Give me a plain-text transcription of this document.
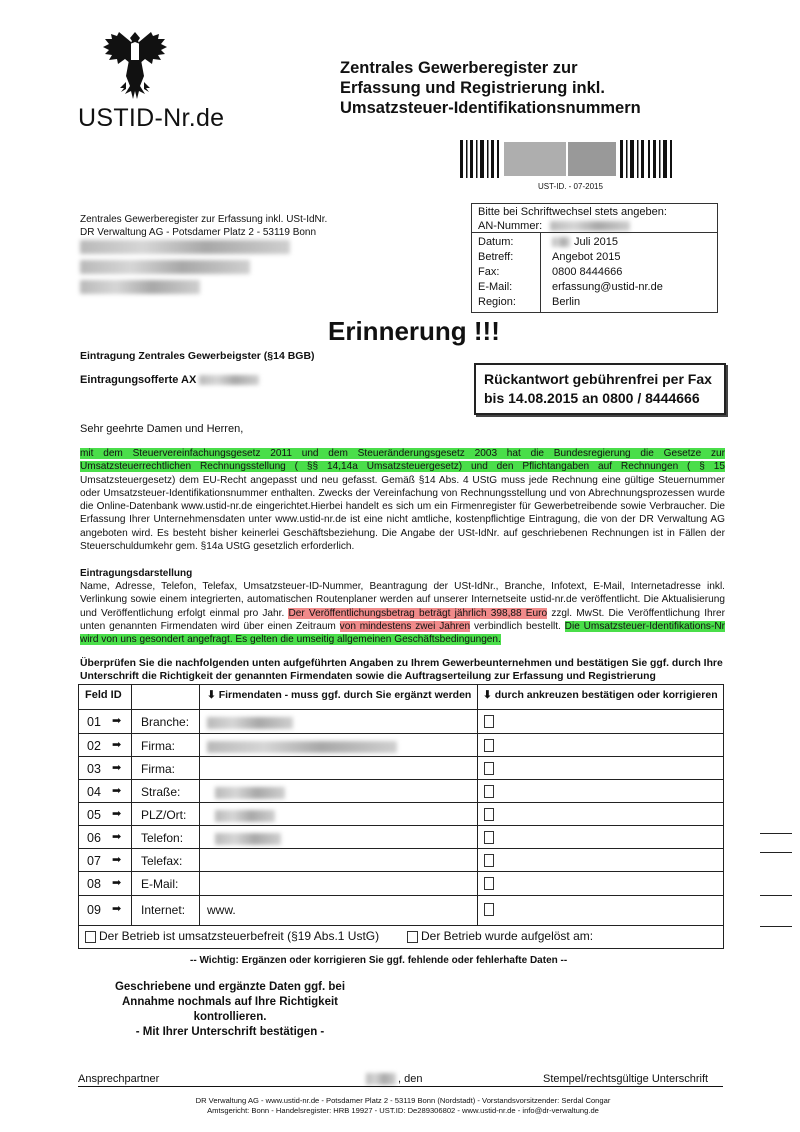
USTID-Nr.de
Zentrales Gewerberegister zur
Erfassung und Registrierung inkl.
Umsatzsteuer-Identifikationsnummern
UST-ID. - 07-2015
Zentrales Gewerberegister zur Erfassung inkl. USt-IdNr.
DR Verwaltung AG - Potsdamer Platz 2 - 53119 Bonn
Bitte bei Schriftwechsel stets angeben:
AN-Nummer:
Datum:	Juli 2015
Betreff:	Angebot 2015
Fax:	0800 8444666
E-Mail:	erfassung@ustid-nr.de
Region:	Berlin
Erinnerung !!!
Eintragung Zentrales Gewerbeigster (§14 BGB)
Eintragungsofferte AX	Rückantwort gebührenfrei per Fax
bis 14.08.2015 an 0800 / 8444666
Sehr geehrte Damen und Herren,
mit dem Steuervereinfachungsgesetz 2011 und dem Steueränderungsgesetz 2003 hat die Bundesregierung die Gesetze zur Umsatzsteuerrechtlichen Rechnungsstellung ( §§ 14,14a Umsatzsteuergesetz) und den Pflichtangaben auf Rechnungen ( § 15 Umsatzsteuergesetz) dem EU-Recht angepasst und neu gefasst. Gemäß §14 Abs. 4 UStG muss jede Rechnung eine gültige Steuernummer oder Umsatzsteuer-Identifikationsnummer enthalten. Zwecks der Vereinfachung von Rechnungsstellung und von Abrechnungsprozessen wurde die Online-Datenbank www.ustid-nr.de eingerichtet.Hierbei handelt es sich um ein Firmenregister für Gewerbetreibende sowie Verbraucher. Die Erfassung Ihrer Unternehmensdaten unter www.ustid-nr.de ist eine nicht amtliche, kostenpflichtige Eintragung, die von der DR Verwaltung AG angeboten wird. Es besteht bisher keinerlei Geschäftsbeziehung. Die Angabe der USt-IdNr. auf geschriebenen Rechnungen ist in Fällen der Steuerschuldumkehr gem. §14a UStG gesetzlich erforderlich.
Eintragungsdarstellung
Name, Adresse, Telefon, Telefax, Umsatzsteuer-ID-Nummer, Beantragung der USt-IdNr., Branche, Infotext, E-Mail, Internetadresse inkl. Verlinkung sowie einem integrierten, automatischen Routenplaner werden auf unserer Internetseite ustid-nr.de veröffentlicht. Die Aktualisierung und Veröffentlichung erfolgt einmal pro Jahr. Der Veröffentlichungsbetrag beträgt jährlich 398,88 Euro zzgl. MwSt. Die Veröffentlichung Ihrer unten genannten Firmendaten wird über einen Zeitraum von mindestens zwei Jahren verbindlich bestellt. Die Umsatzsteuer-Identifikations-Nr wird von uns gesondert angefragt. Es gelten die umseitig allgemeinen Geschäftsbedingungen.
Überprüfen Sie die nachfolgenden unten aufgeführten Angaben zu Ihrem Gewerbeunternehmen und bestätigen Sie ggf. durch Ihre Unterschrift die Richtigkeit der genannten Firmendaten sowie die Auftragserteilung zur Erfassung und Registrierung
Feld ID	⬇ Firmendaten - muss ggf. durch Sie ergänzt werden ⬇ durch ankreuzen bestätigen oder korrigieren
01 ➡ Branche:
02 ➡ Firma:
03 ➡ Firma:
04 ➡ Straße:
05 ➡ PLZ/Ort:
06 ➡ Telefon:
07 ➡ Telefax:
08 ➡ E-Mail:
09 ➡ Internet: www.
Der Betrieb ist umsatzsteuerbefreit (§19 Abs.1 UstG)	Der Betrieb wurde aufgelöst am:
-- Wichtig: Ergänzen oder korrigieren Sie ggf. fehlende oder fehlerhafte Daten --
Geschriebene und ergänzte Daten ggf. bei
Annahme nochmals auf Ihre Richtigkeit
kontrollieren.
- Mit Ihrer Unterschrift bestätigen -
Ansprechpartner	, den	Stempel/rechtsgültige Unterschrift
DR Verwaltung AG - www.ustid-nr.de - Potsdamer Platz 2 - 53119 Bonn (Nordstadt) - Vorstandsvorsitzender: Serdal Congar
Amtsgericht: Bonn - Handelsregister: HRB 19927 - UST.ID: De289306802 - www.ustid-nr.de - info@dr-verwaltung.de
